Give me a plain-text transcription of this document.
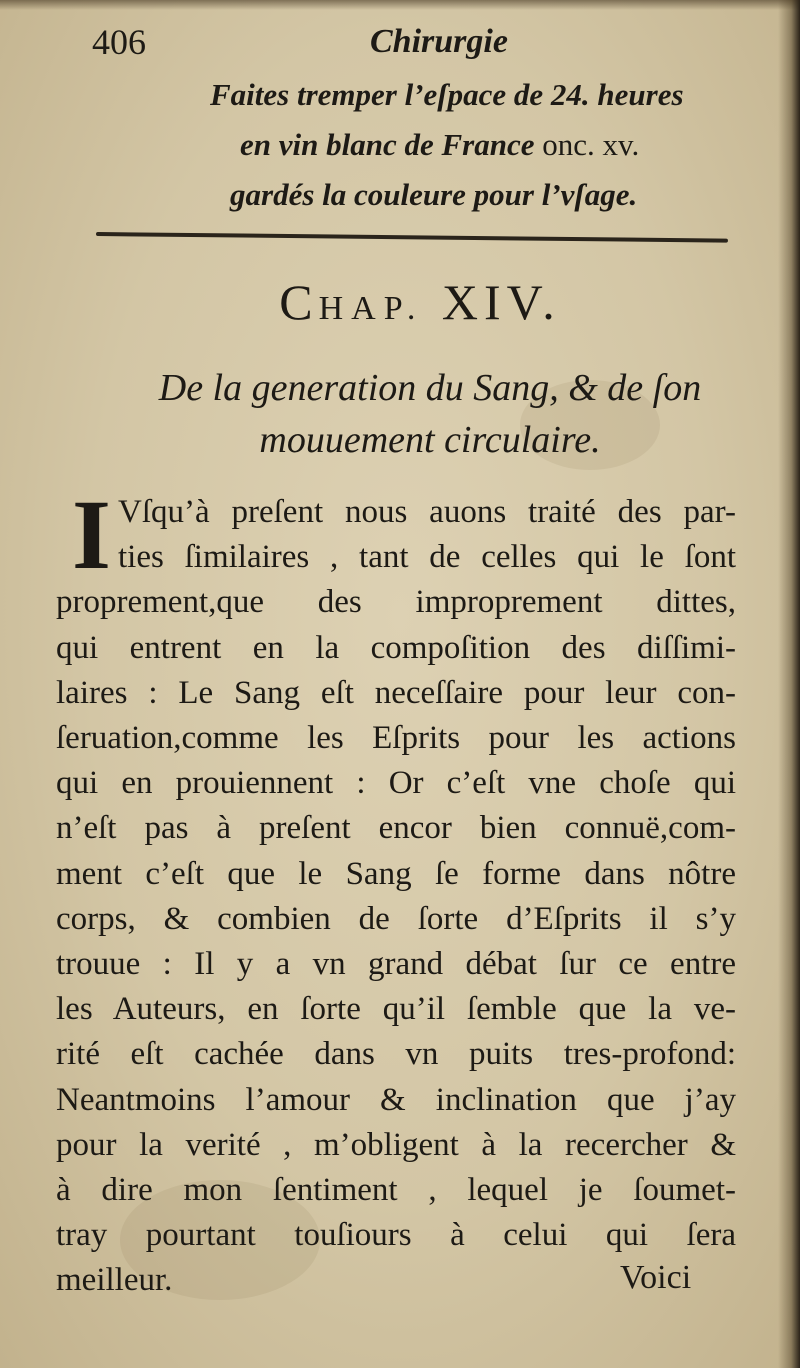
406	Chirurgie
Faites tremper l’eſpace de 24. heures
en vin blanc de France onc. xv.
gardés la couleure pour l’vſage.
CHAP. XIV.
De la generation du Sang, & de ſon
mouuement circulaire.
I Vſqu’à preſent nous auons traité des par-
ties ſimilaires , tant de celles qui le ſont
proprement,que des improprement dittes,
qui entrent en la compoſition des diſſimi-
laires : Le Sang eſt neceſſaire pour leur con-
ſeruation,comme les Eſprits pour les actions
qui en prouiennent : Or c’eſt vne choſe qui
n’eſt pas à preſent encor bien connuë,com-
ment c’eſt que le Sang ſe forme dans nôtre
corps, & combien de ſorte d’Eſprits il s’y
trouue : Il y a vn grand débat ſur ce entre
les Auteurs, en ſorte qu’il ſemble que la ve-
rité eſt cachée dans vn puits tres-profond:
Neantmoins l’amour & inclination que j’ay
pour la verité , m’obligent à la recercher &
à dire mon ſentiment , lequel je ſoumet-
tray pourtant touſiours à celui qui ſera
meilleur.	Voici
